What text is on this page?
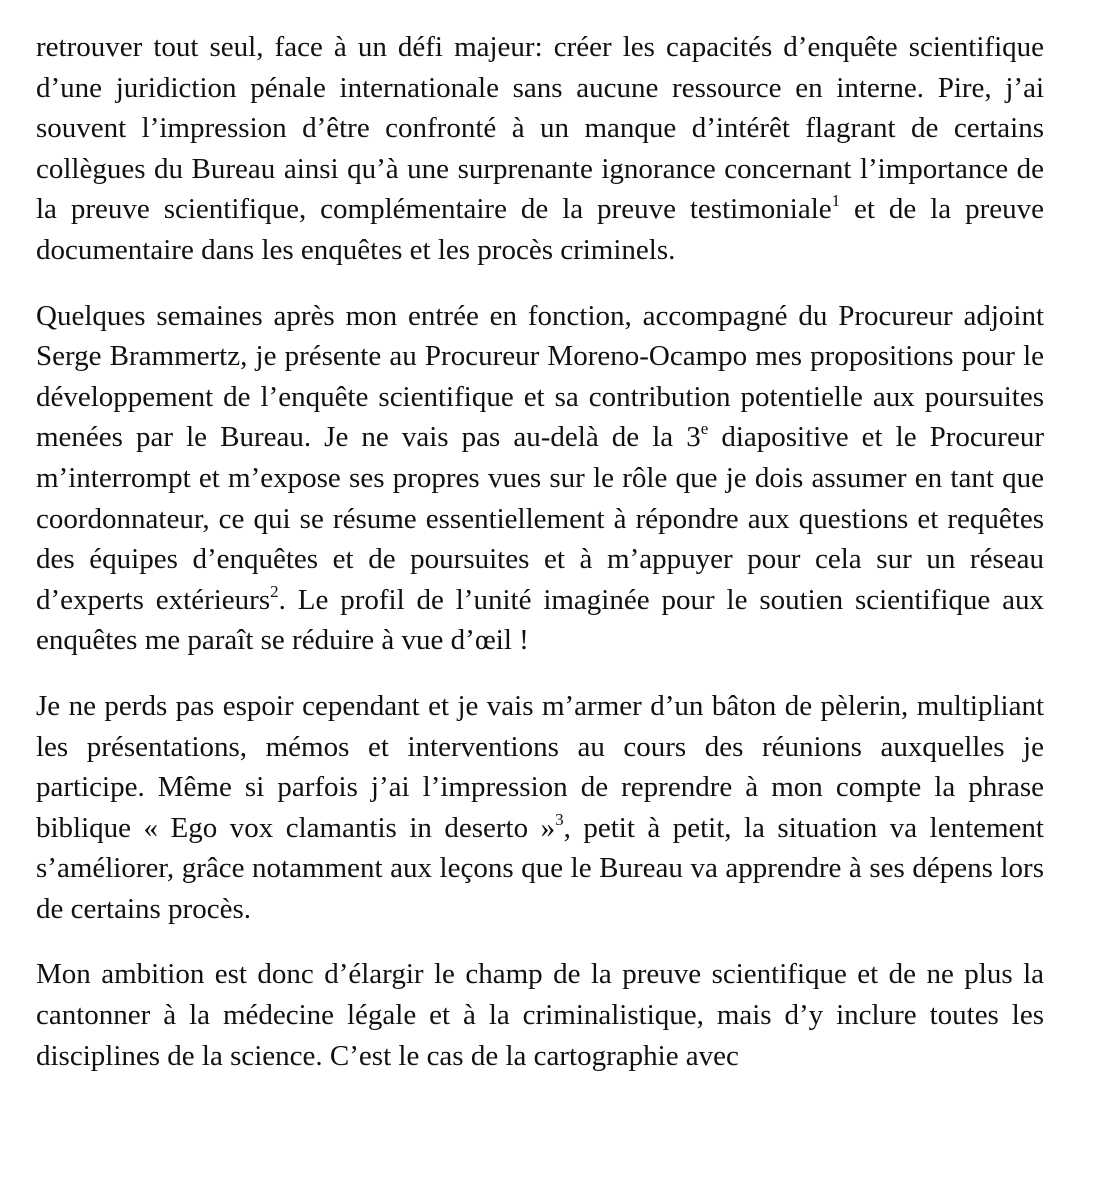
retrouver tout seul, face à un défi majeur: créer les capacités d’enquête scientifique d’une juridiction pénale internationale sans aucune ressource en interne. Pire, j’ai souvent l’impression d’être confronté à un manque d’intérêt flagrant de certains collègues du Bureau ainsi qu’à une surprenante ignorance concernant l’importance de la preuve scientifique, complémentaire de la preuve testimoniale$^1$ et de la preuve documentaire dans les enquêtes et les procès criminels.

Quelques semaines après mon entrée en fonction, accompagné du Procureur adjoint Serge Brammertz, je présente au Procureur Moreno-Ocampo mes propositions pour le développement de l’enquête scientifique et sa contribution potentielle aux poursuites menées par le Bureau. Je ne vais pas au-delà de la 3e diapositive et le Procureur m’interrompt et m’expose ses propres vues sur le rôle que je dois assumer en tant que coordonnateur, ce qui se résume essentiellement à répondre aux questions et requêtes des équipes d’enquêtes et de poursuites et à m’appuyer pour cela sur un réseau d’experts extérieurs$^2$. Le profil de l’unité imaginée pour le soutien scientifique aux enquêtes me paraît se réduire à vue d’œil !

Je ne perds pas espoir cependant et je vais m’armer d’un bâton de pèlerin, multipliant les présentations, mémos et interventions au cours des réunions auxquelles je participe. Même si parfois j’ai l’impression de reprendre à mon compte la phrase biblique « Ego vox clamantis in deserto »$^3$, petit à petit, la situation va lentement s’améliorer, grâce notamment aux leçons que le Bureau va apprendre à ses dépens lors de certains procès.

Mon ambition est donc d’élargir le champ de la preuve scientifique et de ne plus la cantonner à la médecine légale et à la criminalistique, mais d’y inclure toutes les disciplines de la science. C’est le cas de la cartographie avec
